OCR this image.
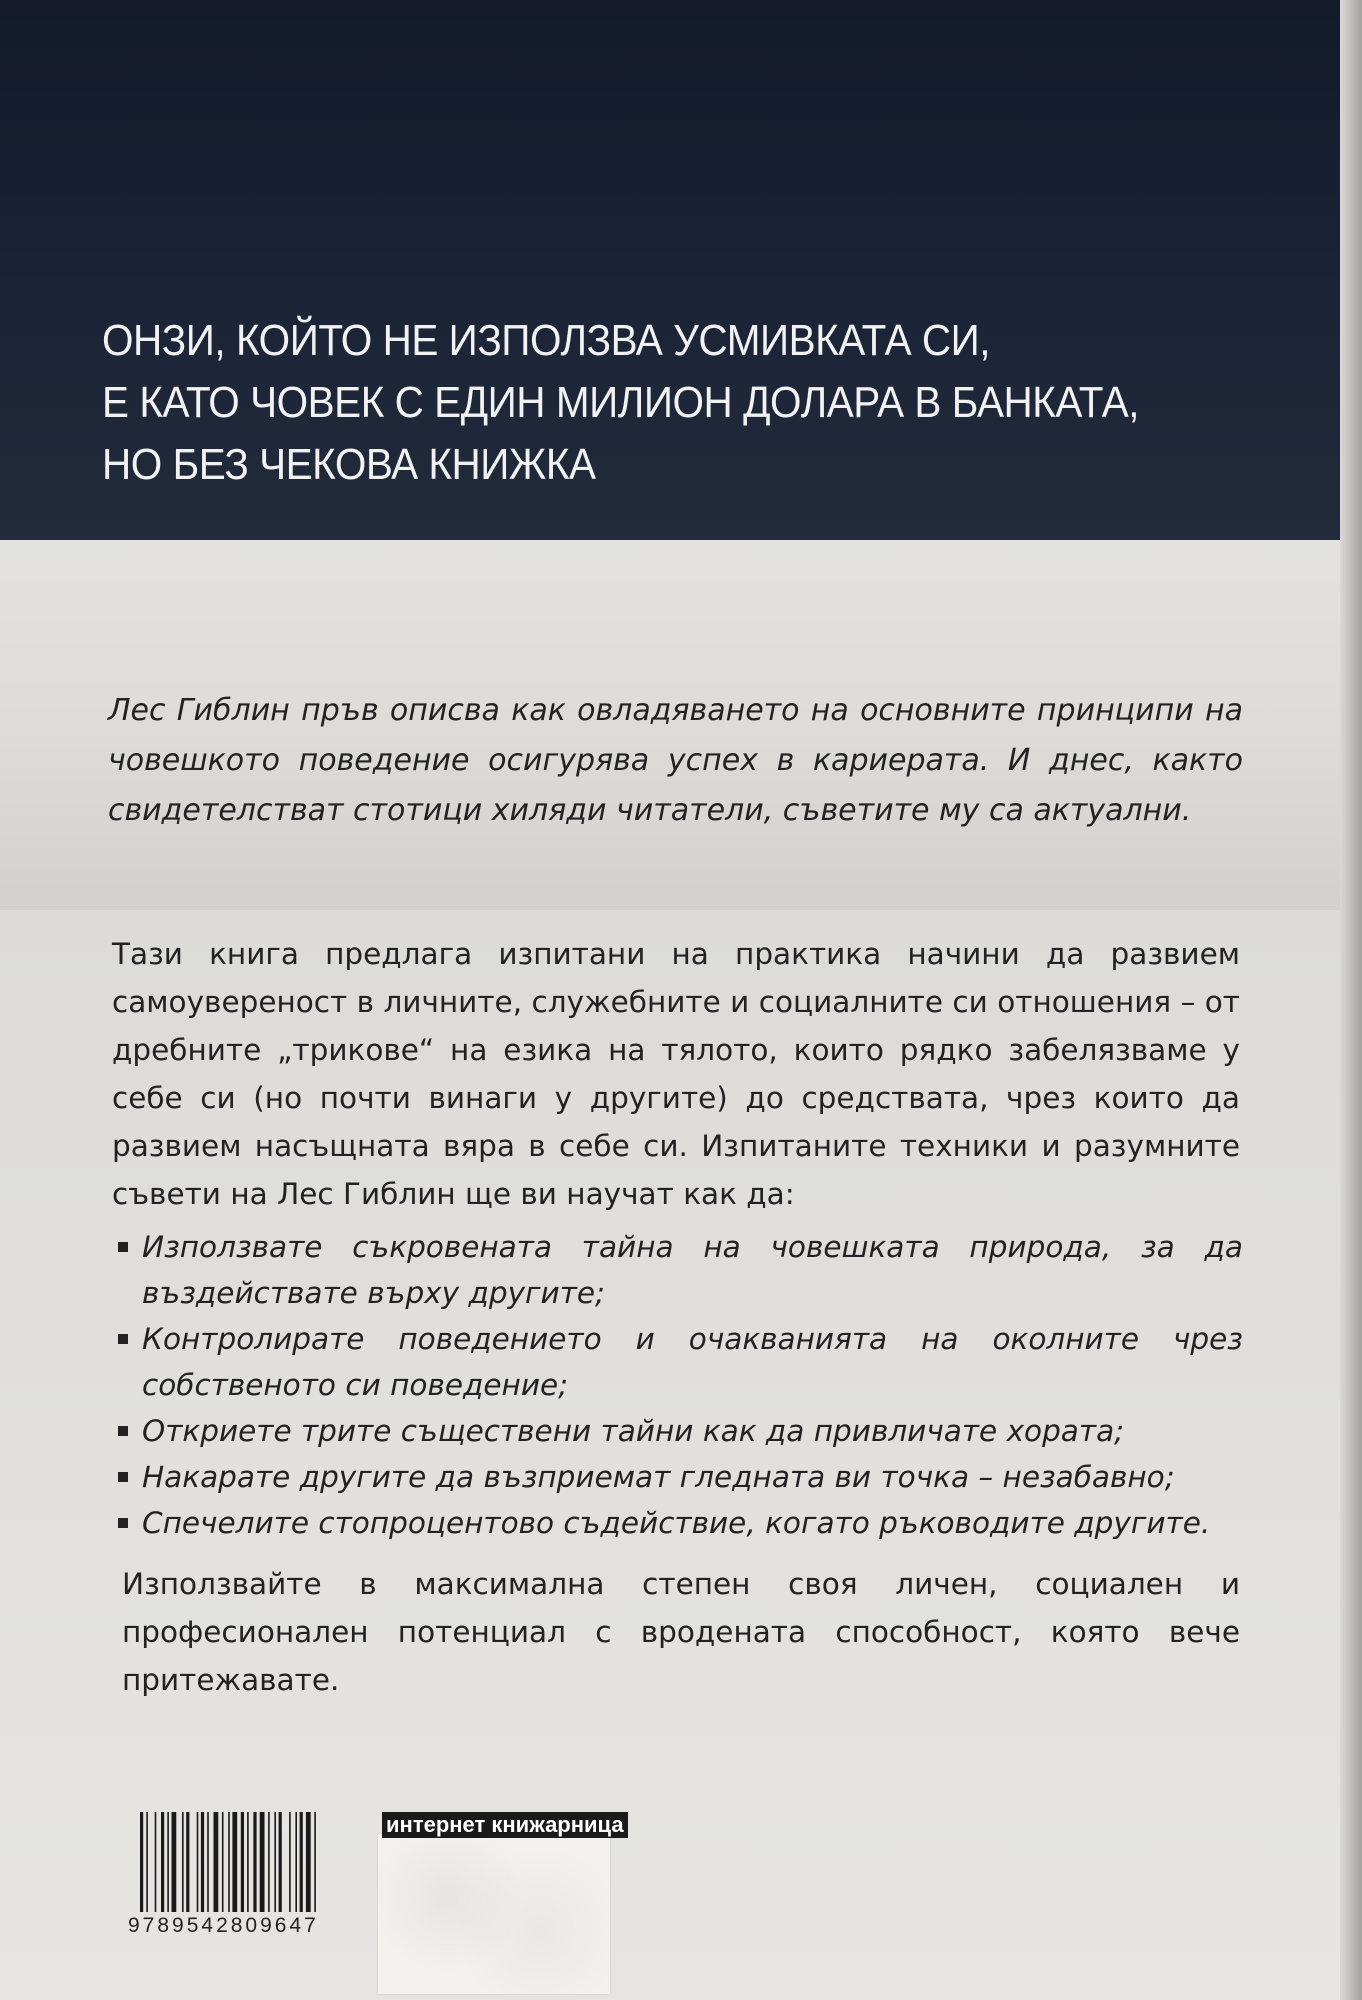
ОНЗИ, КОЙТО НЕ ИЗПОЛЗВА УСМИВКАТА СИ,
Е КАТО ЧОВЕК С ЕДИН МИЛИОН ДОЛАРА В БАНКАТА,
НО БЕЗ ЧЕКОВА КНИЖКА
Лес Гиблин пръв описва как овладяването на основните принципи на човешкото поведение осигурява успех в кариерата. И днес, както свидетелстват стотици хиляди читатели, съветите му са актуални.
Тази книга предлага изпитани на практика начини да развием самоувереност в личните, служебните и социалните си отношения – от дребните „трикове“ на езика на тялото, които рядко забелязваме у себе си (но почти винаги у другите) до средствата, чрез които да развием насъщната вяра в себе си. Изпитаните техники и разумните съвети на Лес Гиблин ще ви научат как да:
Използвате съкровената тайна на човешката природа, за да въздействате върху другите;
Контролирате поведението и очакванията на околните чрез собственото си поведение;
Откриете трите съществени тайни как да привличате хората;
Накарате другите да възприемат гледната ви точка – незабавно;
Спечелите стопроцентово съдействие, когато ръководите другите.
Използвайте в максимална степен своя личен, социален и професионален потенциал с вродената способност, която вече притежавате.
9789542809647
интернет книжарница
